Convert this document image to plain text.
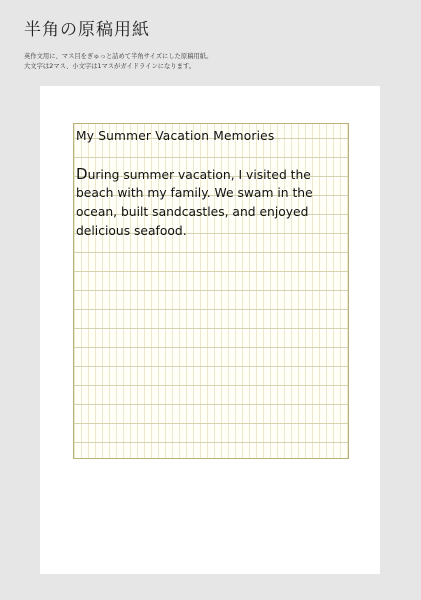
半角の原稿用紙
英作文用に、マス目をぎゅっと詰めて半角サイズにした原稿用紙。
大文字は2マス、小文字は1マスがガイドラインになります。
My Summer Vacation Memories
During summer vacation, I visited the
beach with my family. We swam in the
ocean, built sandcastles, and enjoyed
delicious seafood.
